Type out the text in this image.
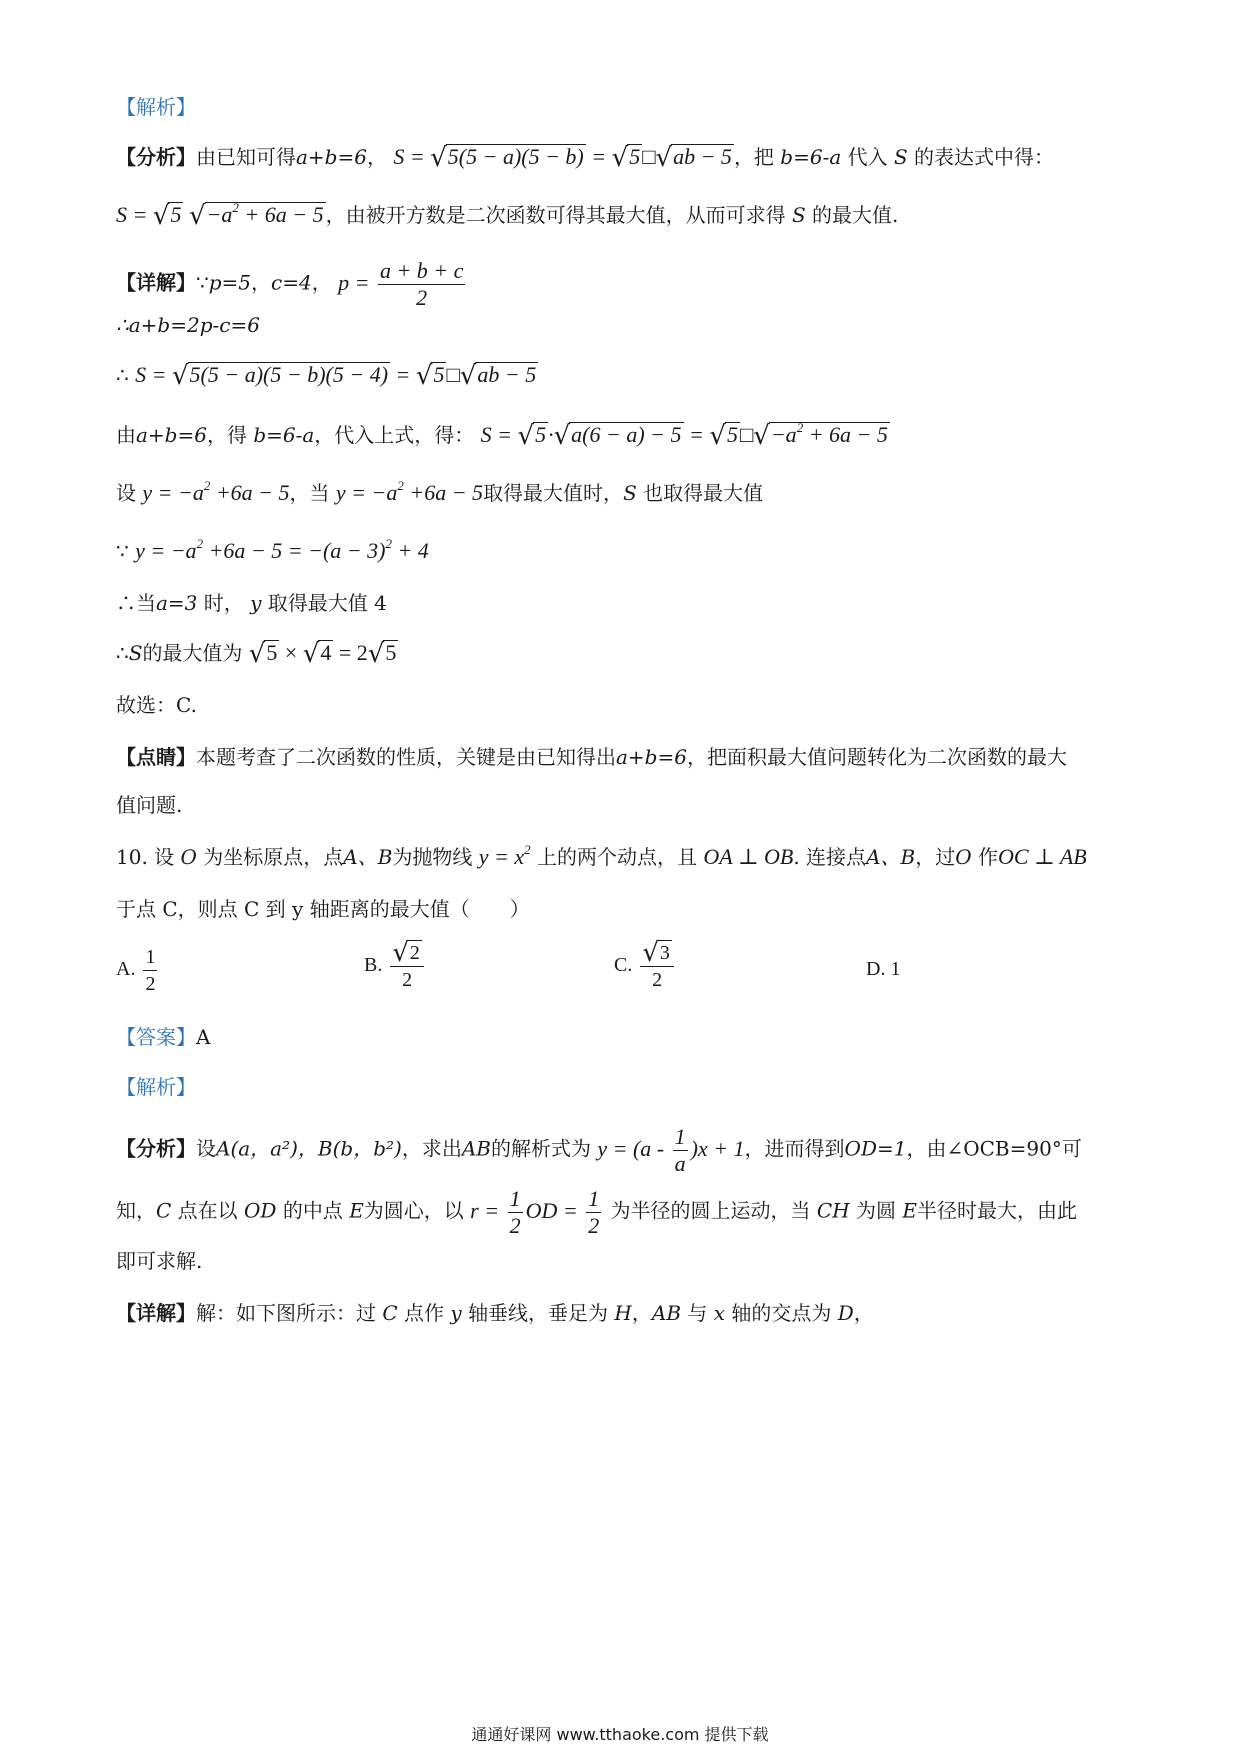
【解析】
【分析】由已知可得a+b=6， S = √5(5 − a)(5 − b) = √5□√ab − 5 ，把 b=6-a 代入 S 的表达式中得：
S = √5 $√-a^2 + 6a - 5$ ，由被开方数是二次函数可得其最大值，从而可求得 S 的最大值.
【详解】∵p=5，c=4， $p = \frac{a + b + c}{2}$
∴a+b=2p-c=6
∴ S = √5(5 − a)(5 − b)(5 − 4) = √5□√ab − 5
由a+b=6，得 b=6-a，代入上式，得： $S = √5\cdot√a(6 - a) - 5 = √5□√-a^2 + 6a - 5$
设 $y = -a^2 +6a - 5$，当 $y = -a^2 +6a - 5$取得最大值时，S 也取得最大值
∵ $y = -a^2 +6a - 5 = -(a - 3)^2 + 4$
∴当a=3 时， y 取得最大值 4
∴S的最大值为 √5 × √4 = 2√5
故选：C.
【点睛】本题考查了二次函数的性质，关键是由已知得出a+b=6，把面积最大值问题转化为二次函数的最大
值问题.
10. 设 O 为坐标原点，点A、B为抛物线 $y = x^2$ 上的两个动点，且 OA ⊥ OB. 连接点A、B，过O 作OC ⊥ AB
于点 C，则点 C 到 y 轴距离的最大值（　　）
A. $\frac{1}{2}$	B. $\frac{√2}{2}$	C. $\frac{√3}{2}$	D. 1
【答案】A
【解析】
【分析】设A(a，a²)，B(b，b²)，求出AB的解析式为 $y = (a - \frac{1}{a} )x + 1$，进而得到OD=1，由∠OCB=90°可
知，C 点在以 OD 的中点 E为圆心，以 $r = \frac{1}{2}$ OD = $\frac{1}{2}$ 为半径的圆上运动，当 CH 为圆 E半径时最大，由此
即可求解.
【详解】解：如下图所示：过 C 点作 y 轴垂线，垂足为 H，AB 与 x 轴的交点为 D，
通通好课网 www.tthaoke.com 提供下载
